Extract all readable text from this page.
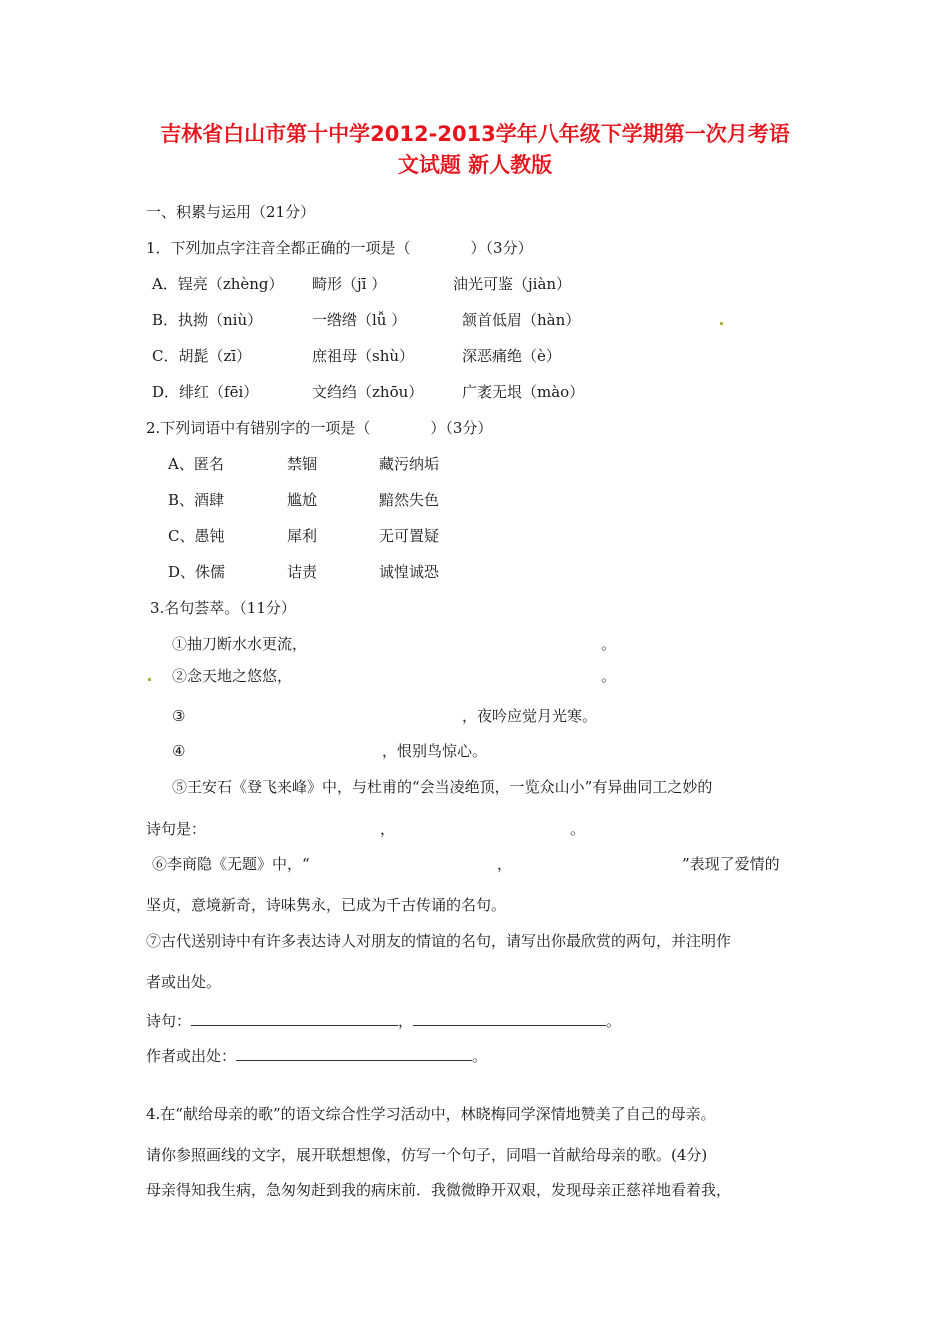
吉林省白山市第十中学2012-2013学年八年级下学期第一次月考语
文试题 新人教版
一、积累与运用（21分）
1．下列加点字注音全都正确的一项是（　　　　）（3分）
A．锃亮（zhèng） 畸形（jī ）	油光可鉴（jiàn）
B．执拗（niù）	一绺绺（lǚ ）	颔首低眉（hàn）
C．胡髭（zī）	庶祖母（shù）	深恶痛绝（è）
D．绯红（fēi）	文绉绉（zhōu）	广袤无垠（mào）
2.下列词语中有错别字的一项是（　　　　）（3分）
A、匿名	禁锢	藏污纳垢
B、酒肆	尴尬	黯然失色
C、愚钝	犀利	无可置疑
D、侏儒	诘责	诚惶诚恐
3.名句荟萃。（11分）
①抽刀断水水更流，	。
②念天地之悠悠，	。
③	，夜吟应觉月光寒。
④	，恨别鸟惊心。
⑤王安石《登飞来峰》中，与杜甫的“会当凌绝顶，一览众山小”有异曲同工之妙的
诗句是：	，	。
⑥李商隐《无题》中，“	，	”表现了爱情的
坚贞，意境新奇，诗味隽永，已成为千古传诵的名句。
⑦古代送别诗中有许多表达诗人对朋友的情谊的名句，请写出你最欣赏的两句，并注明作
者或出处。
诗句：	，	。
作者或出处：	。
4.在“献给母亲的歌”的语文综合性学习活动中，林晓梅同学深情地赞美了自己的母亲。
请你参照画线的文字，展开联想想像，仿写一个句子，同唱一首献给母亲的歌。(4分)
母亲得知我生病，急匆匆赶到我的病床前．我微微睁开双艰，发现母亲正慈祥地看着我，
